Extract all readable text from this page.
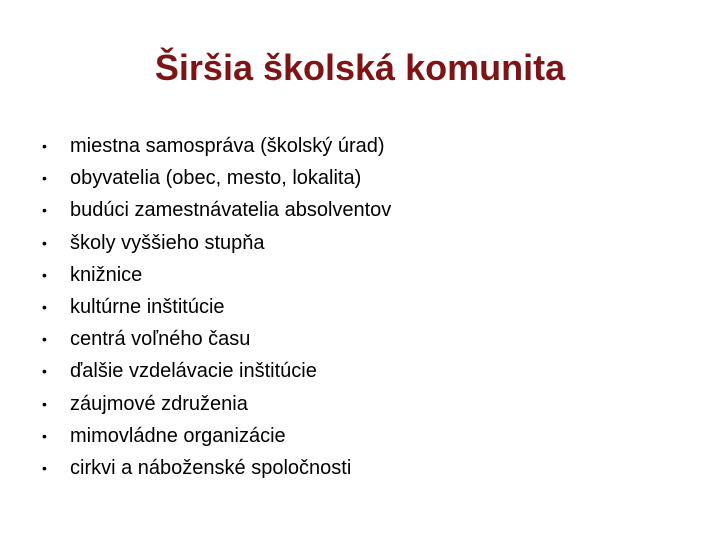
Širšia školská komunita
• miestna samospráva (školský úrad)
• obyvatelia (obec, mesto, lokalita)
• budúci zamestnávatelia absolventov
• školy vyššieho stupňa
• knižnice
• kultúrne inštitúcie
• centrá voľného času
• ďalšie vzdelávacie inštitúcie
• záujmové združenia
• mimovládne organizácie
• cirkvi a náboženské spoločnosti
